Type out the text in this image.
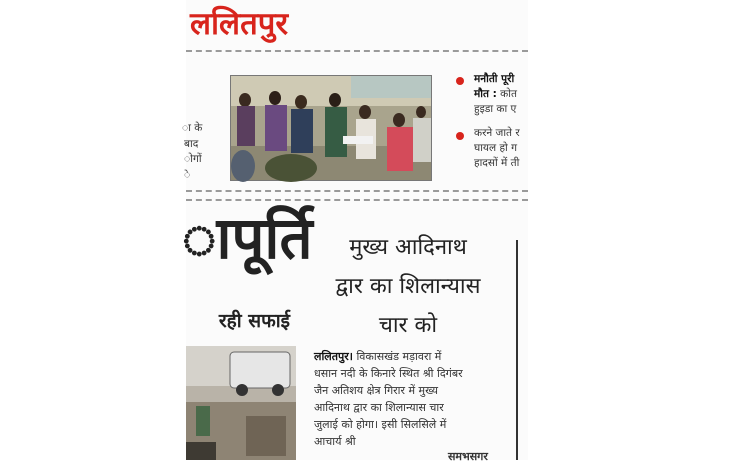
ललितपुर
ा के
बाद
ोगों
े
मनौती पूरी
मौत : कोत
हुइडा का ए
करने जाते र
घायल हो ग
हादसों में ती
ापूर्ति
रही सफाई
मुख्य आदिनाथ
द्वार का शिलान्यास
चार को
ललितपुर। विकासखंड मड़ावरा में
धसान नदी के किनारे स्थित श्री दिगंबर
जैन अतिशय क्षेत्र गिरार में मुख्य
आदिनाथ द्वार का शिलान्यास चार
जुलाई को होगा। इसी सिलसिले में
आचार्य श्री
समभसगर
